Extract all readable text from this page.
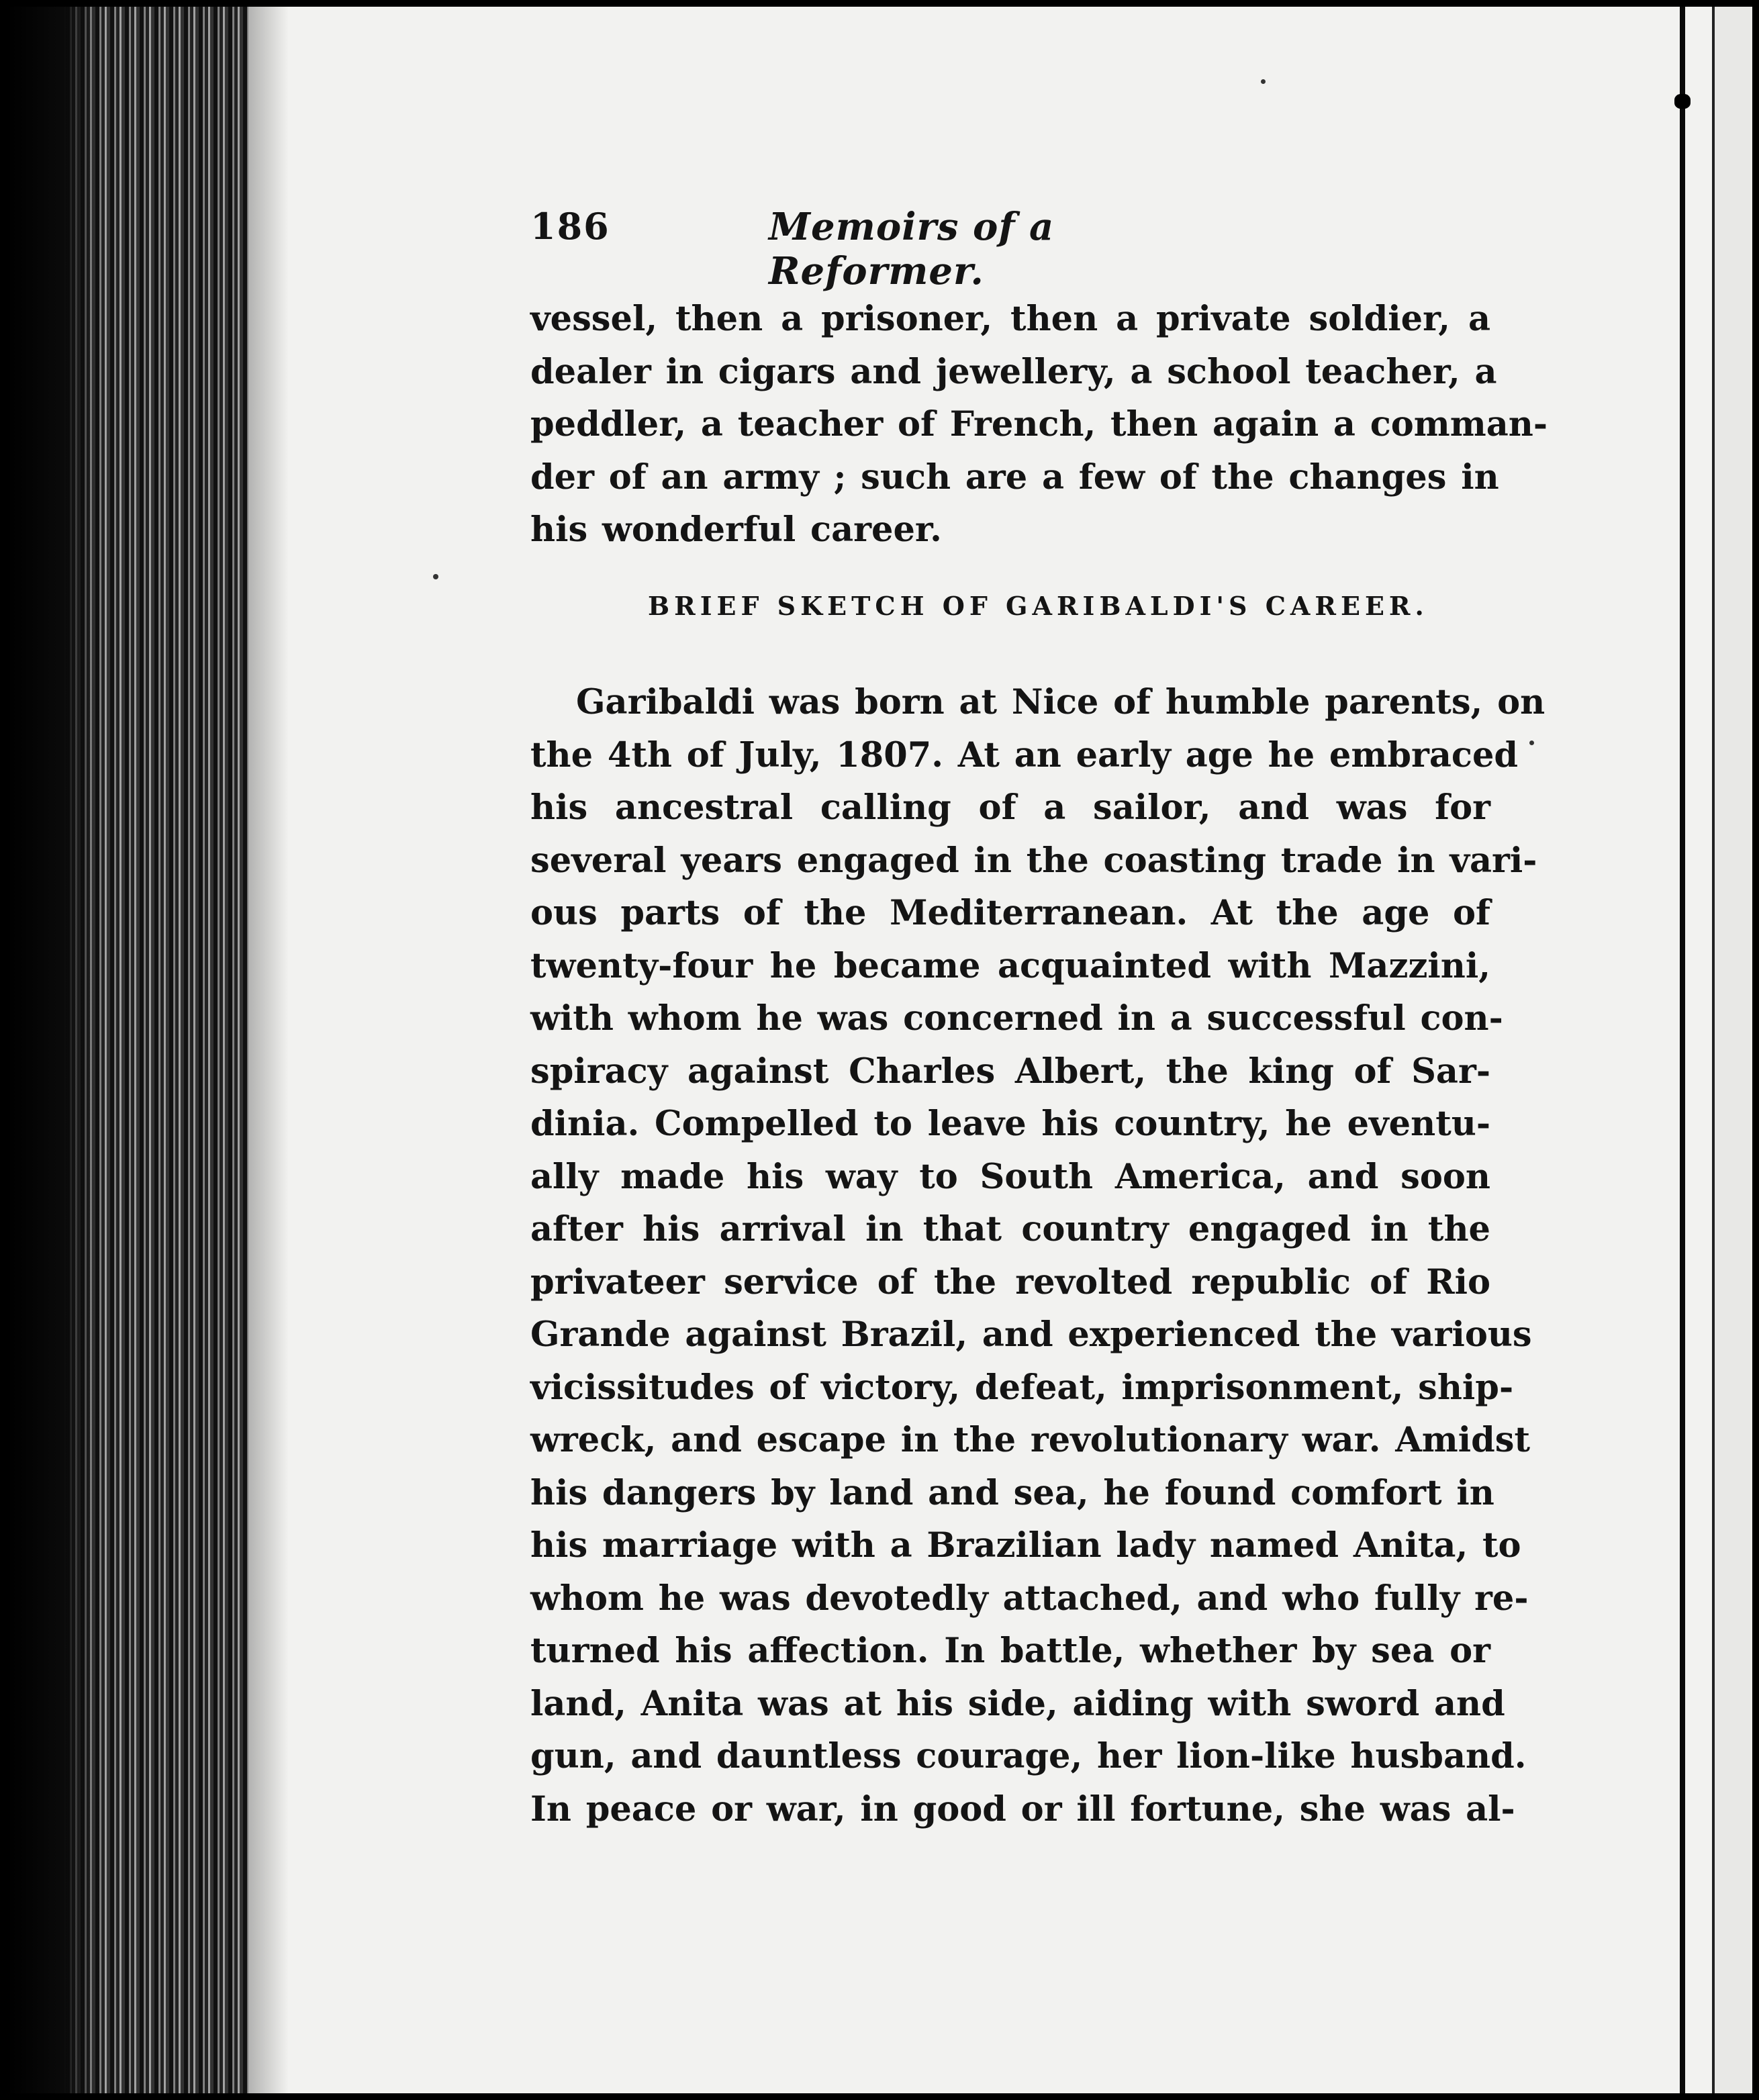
186	Memoirs of a Reformer.
vessel, then a prisoner, then a private soldier, a
dealer in cigars and jewellery, a school teacher, a
peddler, a teacher of French, then again a comman-
der of an army ; such are a few of the changes in
his wonderful career.
BRIEF SKETCH OF GARIBALDI'S CAREER.
Garibaldi was born at Nice of humble parents, on
the 4th of July, 1807. At an early age he embraced
his ancestral calling of a sailor, and was for
several years engaged in the coasting trade in vari-
ous parts of the Mediterranean. At the age of
twenty-four he became acquainted with Mazzini,
with whom he was concerned in a successful con-
spiracy against Charles Albert, the king of Sar-
dinia. Compelled to leave his country, he eventu-
ally made his way to South America, and soon
after his arrival in that country engaged in the
privateer service of the revolted republic of Rio
Grande against Brazil, and experienced the various
vicissitudes of victory, defeat, imprisonment, ship-
wreck, and escape in the revolutionary war. Amidst
his dangers by land and sea, he found comfort in
his marriage with a Brazilian lady named Anita, to
whom he was devotedly attached, and who fully re-
turned his affection. In battle, whether by sea or
land, Anita was at his side, aiding with sword and
gun, and dauntless courage, her lion-like husband.
In peace or war, in good or ill fortune, she was al-
